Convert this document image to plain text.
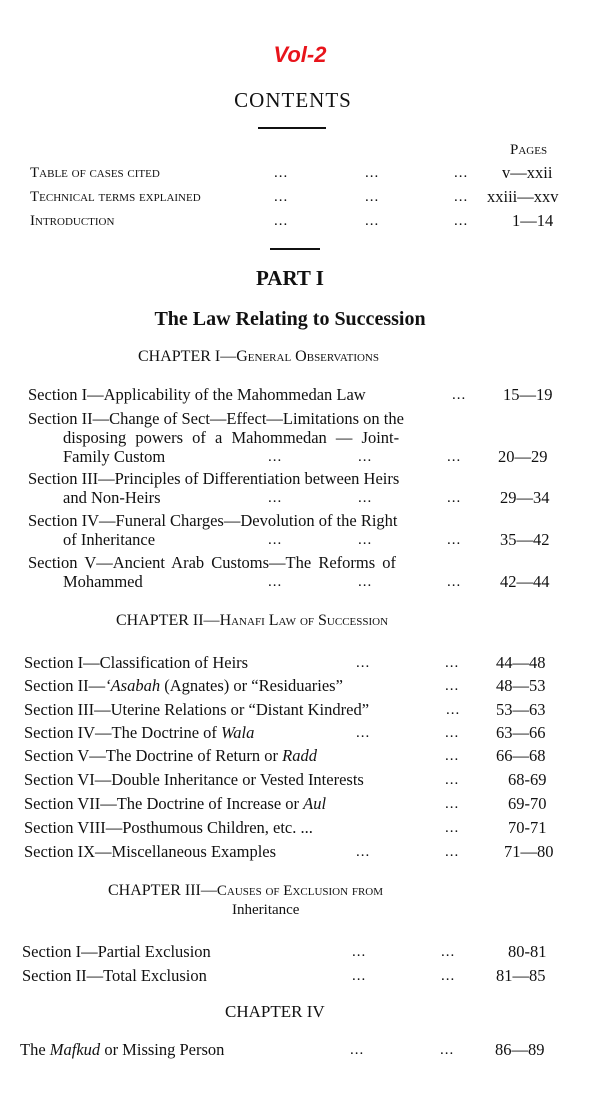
Vol-2
CONTENTS
Pages
Table of cases cited	...	...	... v—xxii
Technical terms explained	...	...	... xxiii—xxv
Introduction	...	...	...	1—14
PART I
The Law Relating to Succession
CHAPTER I—General Observations
Section I—Applicability of the Mahommedan Law	... 15—19
Section II—Change of Sect—Effect—Limitations on the
disposing powers of a Mahommedan — Joint-
Family Custom	...	...	... 20—29
Section III—Principles of Differentiation between Heirs
and Non-Heirs	...	...	... 29—34
Section IV—Funeral Charges—Devolution of the Right
of Inheritance	...	...	... 35—42
Section V—Ancient Arab Customs—The Reforms of
Mohammed	...	...	... 42—44
CHAPTER II—Hanafi Law of Succession
Section I—Classification of Heirs	...	... 44—48
Section II—‘Asabah (Agnates) or “Residuaries”	... 48—53
Section III—Uterine Relations or “Distant Kindred”	... 53—63
Section IV—The Doctrine of Wala	...	... 63—66
Section V—The Doctrine of Return or Radd	... 66—68
Section VI—Double Inheritance or Vested Interests	...	68-69
Section VII—The Doctrine of Increase or Aul	...	69-70
Section VIII—Posthumous Children, etc. ...	...	70-71
Section IX—Miscellaneous Examples	...	...	71—80
CHAPTER III—Causes of Exclusion from
Inheritance
Section I—Partial Exclusion	...	...	80-81
Section II—Total Exclusion	...	... 81—85
CHAPTER IV
The Mafkud or Missing Person	...	... 86—89
